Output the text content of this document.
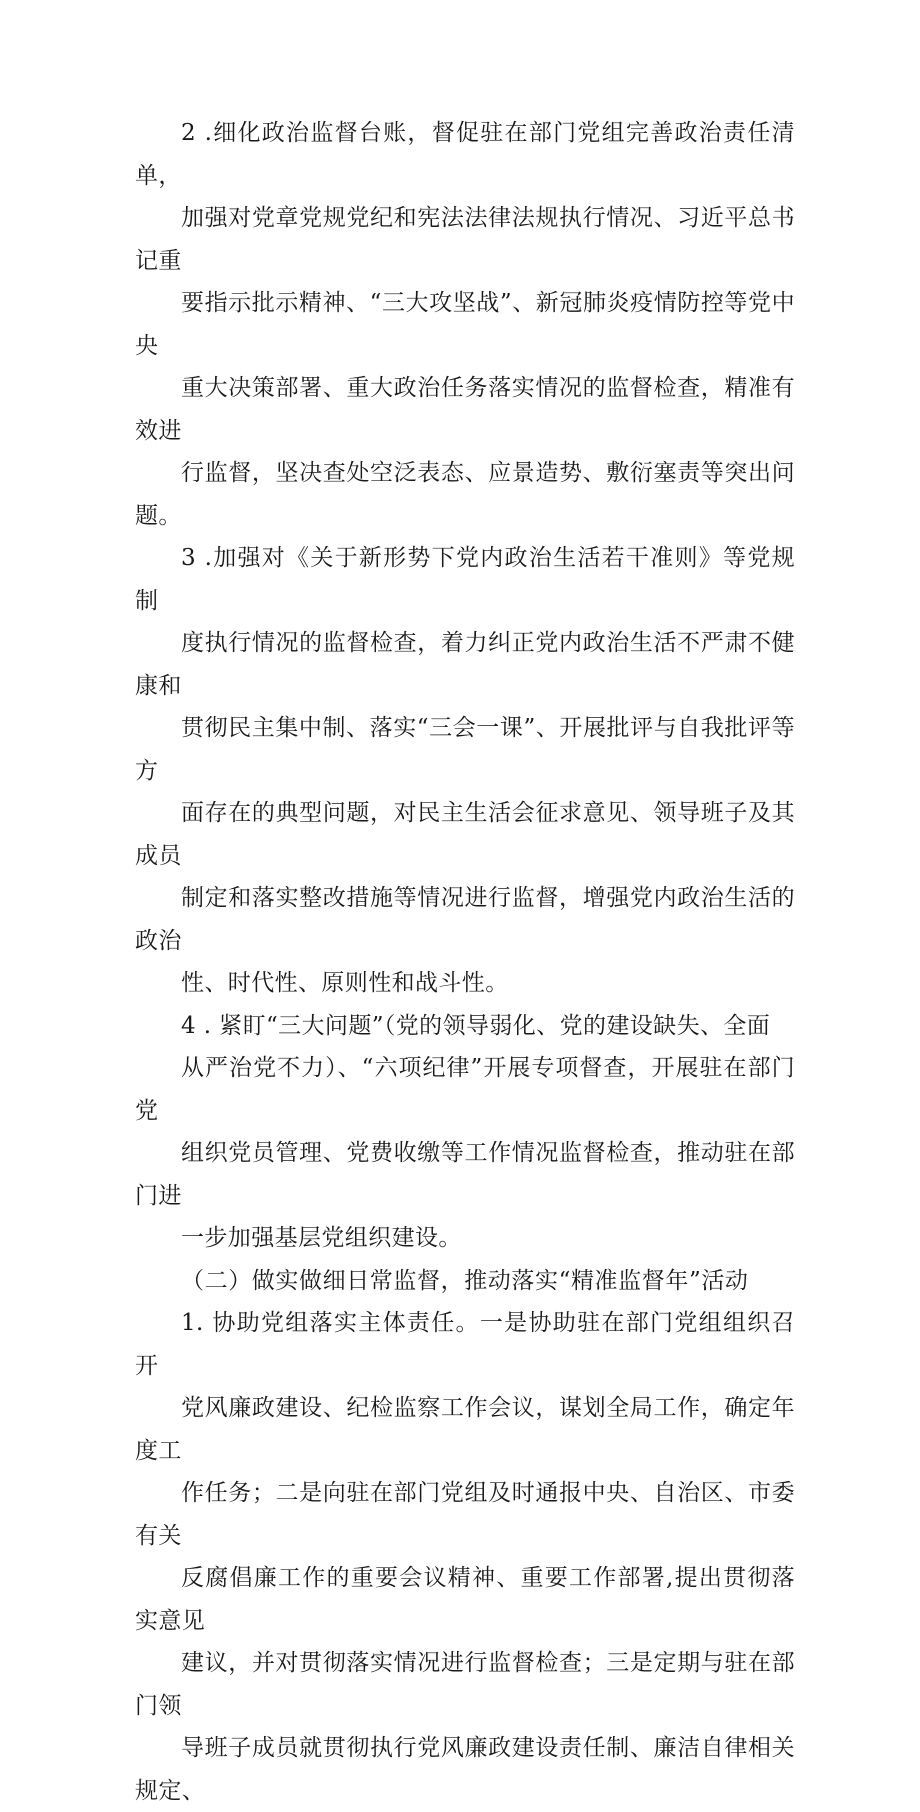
2 .细化政治监督台账，督促驻在部门党组完善政治责任清单，
加强对党章党规党纪和宪法法律法规执行情况、习近平总书记重
要指示批示精神、“三大攻坚战”、新冠肺炎疫情防控等党中央
重大决策部署、重大政治任务落实情况的监督检查，精准有效进
行监督，坚决查处空泛表态、应景造势、敷衍塞责等突出问题。

3 .加强对《关于新形势下党内政治生活若干准则》等党规制
度执行情况的监督检查，着力纠正党内政治生活不严肃不健康和
贯彻民主集中制、落实“三会一课”、开展批评与自我批评等方
面存在的典型问题，对民主生活会征求意见、领导班子及其成员
制定和落实整改措施等情况进行监督，增强党内政治生活的政治
性、时代性、原则性和战斗性。

4 . 紧盯“三大问题”（党的领导弱化、党的建设缺失、全面
从严治党不力）、“六项纪律”开展专项督查，开展驻在部门党
组织党员管理、党费收缴等工作情况监督检查，推动驻在部门进
一步加强基层党组织建设。

（二）做实做细日常监督，推动落实“精准监督年”活动

1. 协助党组落实主体责任。一是协助驻在部门党组组织召开
党风廉政建设、纪检监察工作会议，谋划全局工作，确定年度工
作任务；二是向驻在部门党组及时通报中央、自治区、市委有关
反腐倡廉工作的重要会议精神、重要工作部署,提出贯彻落实意见
建议，并对贯彻落实情况进行监督检查；三是定期与驻在部门领
导班子成员就贯彻执行党风廉政建设责任制、廉洁自律相关规定、
